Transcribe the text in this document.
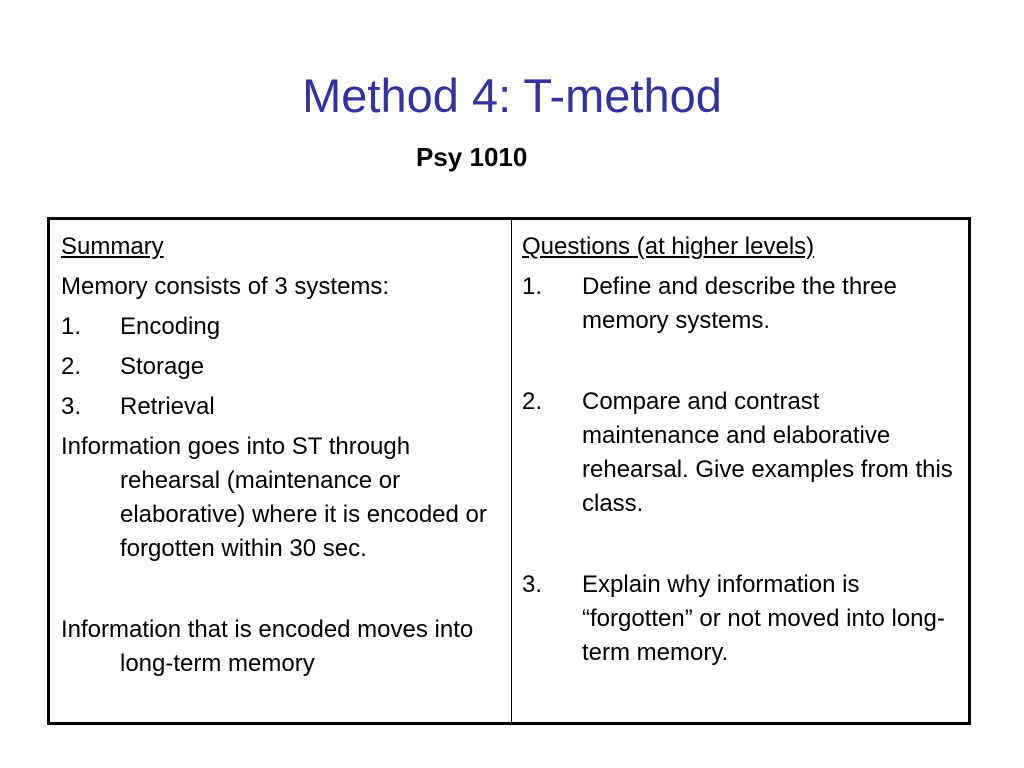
Method 4: T-method
Psy 1010
Summary
Memory consists of 3 systems:
1.	Encoding
2.	Storage
3.	Retrieval
Information goes into ST through rehearsal (maintenance or elaborative) where it is encoded or forgotten within 30 sec.
Information that is encoded moves into long-term memory
Questions (at higher levels)
1.	Define and describe the three memory systems.
2.	Compare and contrast maintenance and elaborative rehearsal. Give examples from this class.
3.	Explain why information is “forgotten” or not moved into long-term memory.
